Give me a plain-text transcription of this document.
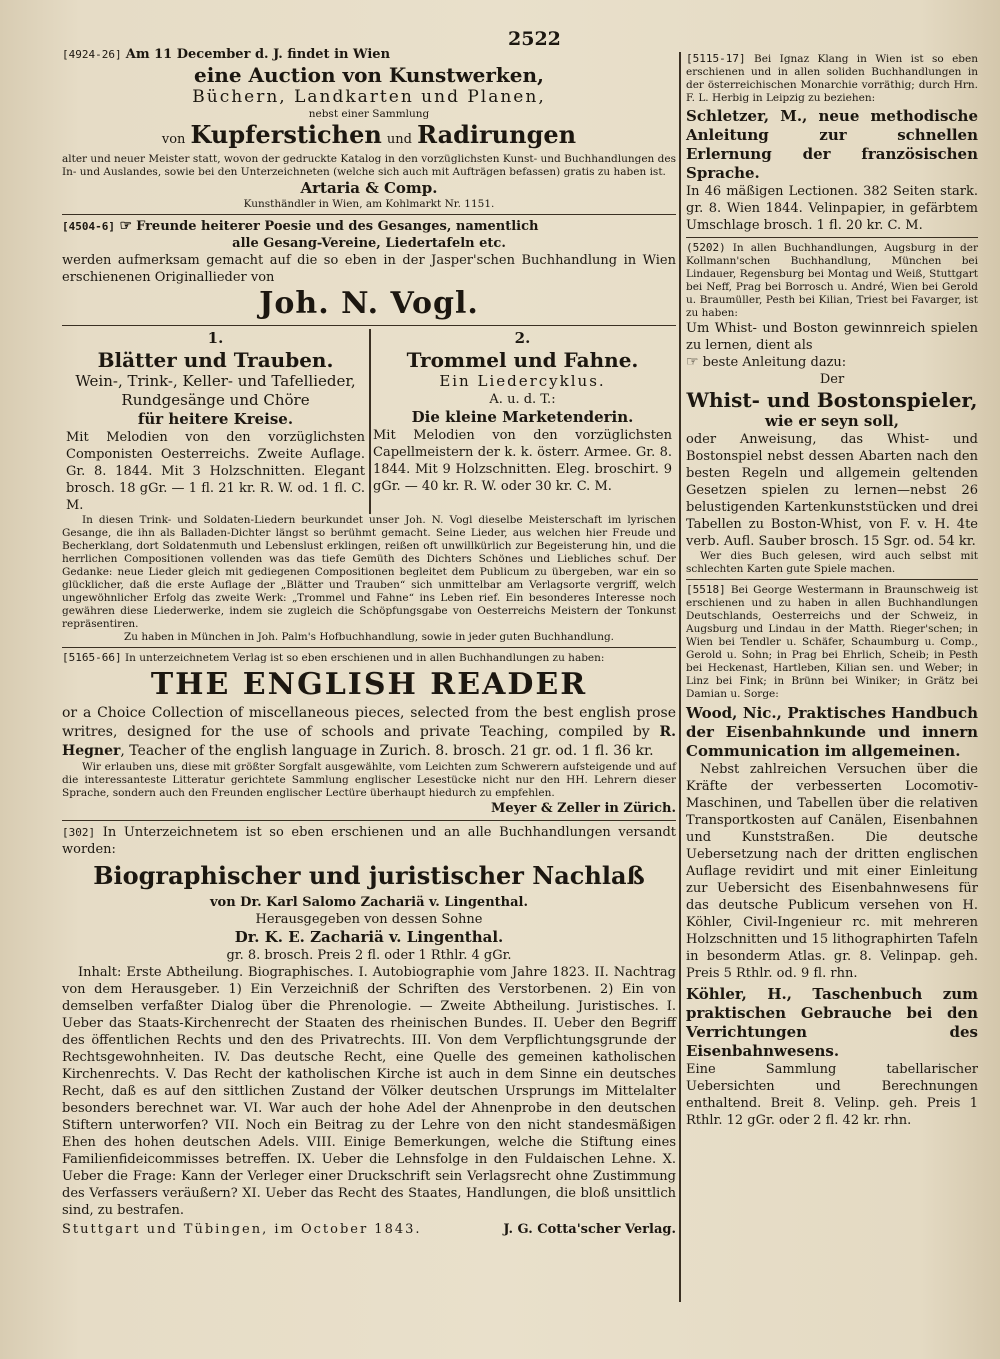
2522

[4924-26] Am 11 December d. J. findet in Wien

eine Auction von Kunstwerken,

Büchern, Landkarten und Planen,

nebst einer Sammlung

von Kupferstichen und Radirungen

alter und neuer Meister statt, wovon der gedruckte Katalog in den vorzüglichsten Kunst- und Buchhandlungen des In- und Auslandes, sowie bei den Unterzeichneten (welche sich auch mit Aufträgen befassen) gratis zu haben ist.

Artaria & Comp.

Kunsthändler in Wien, am Kohlmarkt Nr. 1151.

[4504-6] ☞ Freunde heiterer Poesie und des Gesanges, namentlich

alle Gesang-Vereine, Liedertafeln etc.

werden aufmerksam gemacht auf die so eben in der Jasper'schen Buchhandlung in Wien erschienenen Originallieder von

Joh. N. Vogl.

1.

Blätter und Trauben.

Wein-, Trink-, Keller- und Tafellieder, Rundgesänge und Chöre

für heitere Kreise.

Mit Melodien von den vorzüglichsten Componisten Oesterreichs. Zweite Auflage. Gr. 8. 1844. Mit 3 Holzschnitten. Elegant brosch. 18 gGr. — 1 fl. 21 kr. R. W. od. 1 fl. C. M.

2.

Trommel und Fahne.

Ein Liedercyklus.

A. u. d. T.:

Die kleine Marketenderin.

Mit Melodien von den vorzüglichsten Capellmeistern der k. k. österr. Armee. Gr. 8. 1844. Mit 9 Holzschnitten. Eleg. broschirt. 9 gGr. — 40 kr. R. W. oder 30 kr. C. M.

In diesen Trink- und Soldaten-Liedern beurkundet unser Joh. N. Vogl dieselbe Meisterschaft im lyrischen Gesange, die ihn als Balladen-Dichter längst so berühmt gemacht. Seine Lieder, aus welchen hier Freude und Becherklang, dort Soldatenmuth und Lebenslust erklingen, reißen oft unwillkürlich zur Begeisterung hin, und die herrlichen Compositionen vollenden was das tiefe Gemüth des Dichters Schönes und Liebliches schuf. Der Gedanke: neue Lieder gleich mit gediegenen Compositionen begleitet dem Publicum zu übergeben, war ein so glücklicher, daß die erste Auflage der „Blätter und Trauben“ sich unmittelbar am Verlagsorte vergriff, welch ungewöhnlicher Erfolg das zweite Werk: „Trommel und Fahne“ ins Leben rief. Ein besonderes Interesse noch gewähren diese Liederwerke, indem sie zugleich die Schöpfungsgabe von Oesterreichs Meistern der Tonkunst repräsentiren.

Zu haben in München in Joh. Palm's Hofbuchhandlung, sowie in jeder guten Buchhandlung.

[5165-66] In unterzeichnetem Verlag ist so eben erschienen und in allen Buchhandlungen zu haben:

THE ENGLISH READER

or a Choice Collection of miscellaneous pieces, selected from the best english prose writres, designed for the use of schools and private Teaching, compiled by R. Hegner, Teacher of the english language in Zurich. 8. brosch. 21 gr. od. 1 fl. 36 kr.

Wir erlauben uns, diese mit größter Sorgfalt ausgewählte, vom Leichten zum Schwerern aufsteigende und auf die interessanteste Litteratur gerichtete Sammlung englischer Lesestücke nicht nur den HH. Lehrern dieser Sprache, sondern auch den Freunden englischer Lectüre überhaupt hiedurch zu empfehlen.

Meyer & Zeller in Zürich.

[302] In Unterzeichnetem ist so eben erschienen und an alle Buchhandlungen versandt worden:

Biographischer und juristischer Nachlaß

von Dr. Karl Salomo Zachariä v. Lingenthal.

Herausgegeben von dessen Sohne

Dr. K. E. Zachariä v. Lingenthal.

gr. 8. brosch. Preis 2 fl. oder 1 Rthlr. 4 gGr.

Inhalt: Erste Abtheilung. Biographisches. I. Autobiographie vom Jahre 1823. II. Nachtrag von dem Herausgeber. 1) Ein Verzeichniß der Schriften des Verstorbenen. 2) Ein von demselben verfaßter Dialog über die Phrenologie. — Zweite Abtheilung. Juristisches. I. Ueber das Staats-Kirchenrecht der Staaten des rheinischen Bundes. II. Ueber den Begriff des öffentlichen Rechts und den des Privatrechts. III. Von dem Verpflichtungsgrunde der Rechtsgewohnheiten. IV. Das deutsche Recht, eine Quelle des gemeinen katholischen Kirchenrechts. V. Das Recht der katholischen Kirche ist auch in dem Sinne ein deutsches Recht, daß es auf den sittlichen Zustand der Völker deutschen Ursprungs im Mittelalter besonders berechnet war. VI. War auch der hohe Adel der Ahnenprobe in den deutschen Stiftern unterworfen? VII. Noch ein Beitrag zu der Lehre von den nicht standesmäßigen Ehen des hohen deutschen Adels. VIII. Einige Bemerkungen, welche die Stiftung eines Familienfideicommisses betreffen. IX. Ueber die Lehnsfolge in den Fuldaischen Lehne. X. Ueber die Frage: Kann der Verleger einer Druckschrift sein Verlagsrecht ohne Zustimmung des Verfassers veräußern? XI. Ueber das Recht des Staates, Handlungen, die bloß unsittlich sind, zu bestrafen.

Stuttgart und Tübingen, im October 1843.	J. G. Cotta'scher Verlag.

[5115-17] Bei Ignaz Klang in Wien ist so eben erschienen und in allen soliden Buchhandlungen in der österreichischen Monarchie vorräthig; durch Hrn. F. L. Herbig in Leipzig zu beziehen:

Schletzer, M., neue methodische Anleitung zur schnellen Erlernung der französischen Sprache.

In 46 mäßigen Lectionen. 382 Seiten stark. gr. 8. Wien 1844. Velinpapier, in gefärbtem Umschlage brosch. 1 fl. 20 kr. C. M.

(5202) In allen Buchhandlungen, Augsburg in der Kollmann'schen Buchhandlung, München bei Lindauer, Regensburg bei Montag und Weiß, Stuttgart bei Neff, Prag bei Borrosch u. André, Wien bei Gerold u. Braumüller, Pesth bei Kilian, Triest bei Favarger, ist zu haben:

Um Whist- und Boston gewinnreich spielen zu lernen, dient als

☞ beste Anleitung dazu:

Der

Whist- und Bostonspieler,

wie er seyn soll,

oder Anweisung, das Whist- und Bostonspiel nebst dessen Abarten nach den besten Regeln und allgemein geltenden Gesetzen spielen zu lernen—nebst 26 belustigenden Kartenkunststücken und drei Tabellen zu Boston-Whist, von F. v. H. 4te verb. Aufl. Sauber brosch. 15 Sgr. od. 54 kr.

Wer dies Buch gelesen, wird auch selbst mit schlechten Karten gute Spiele machen.

[5518] Bei George Westermann in Braunschweig ist erschienen und zu haben in allen Buchhandlungen Deutschlands, Oesterreichs und der Schweiz, in Augsburg und Lindau in der Matth. Rieger'schen; in Wien bei Tendler u. Schäfer, Schaumburg u. Comp., Gerold u. Sohn; in Prag bei Ehrlich, Scheib; in Pesth bei Heckenast, Hartleben, Kilian sen. und Weber; in Linz bei Fink; in Brünn bei Winiker; in Grätz bei Damian u. Sorge:

Wood, Nic., Praktisches Handbuch der Eisenbahnkunde und innern Communication im allgemeinen.

Nebst zahlreichen Versuchen über die Kräfte der verbesserten Locomotiv-Maschinen, und Tabellen über die relativen Transportkosten auf Canälen, Eisenbahnen und Kunststraßen. Die deutsche Uebersetzung nach der dritten englischen Auflage revidirt und mit einer Einleitung zur Uebersicht des Eisenbahnwesens für das deutsche Publicum versehen von H. Köhler, Civil-Ingenieur rc. mit mehreren Holzschnitten und 15 lithographirten Tafeln in besonderm Atlas. gr. 8. Velinpap. geh. Preis 5 Rthlr. od. 9 fl. rhn.

Köhler, H., Taschenbuch zum praktischen Gebrauche bei den Verrichtungen des Eisenbahnwesens.

Eine Sammlung tabellarischer Uebersichten und Berechnungen enthaltend. Breit 8. Velinp. geh. Preis 1 Rthlr. 12 gGr. oder 2 fl. 42 kr. rhn.
